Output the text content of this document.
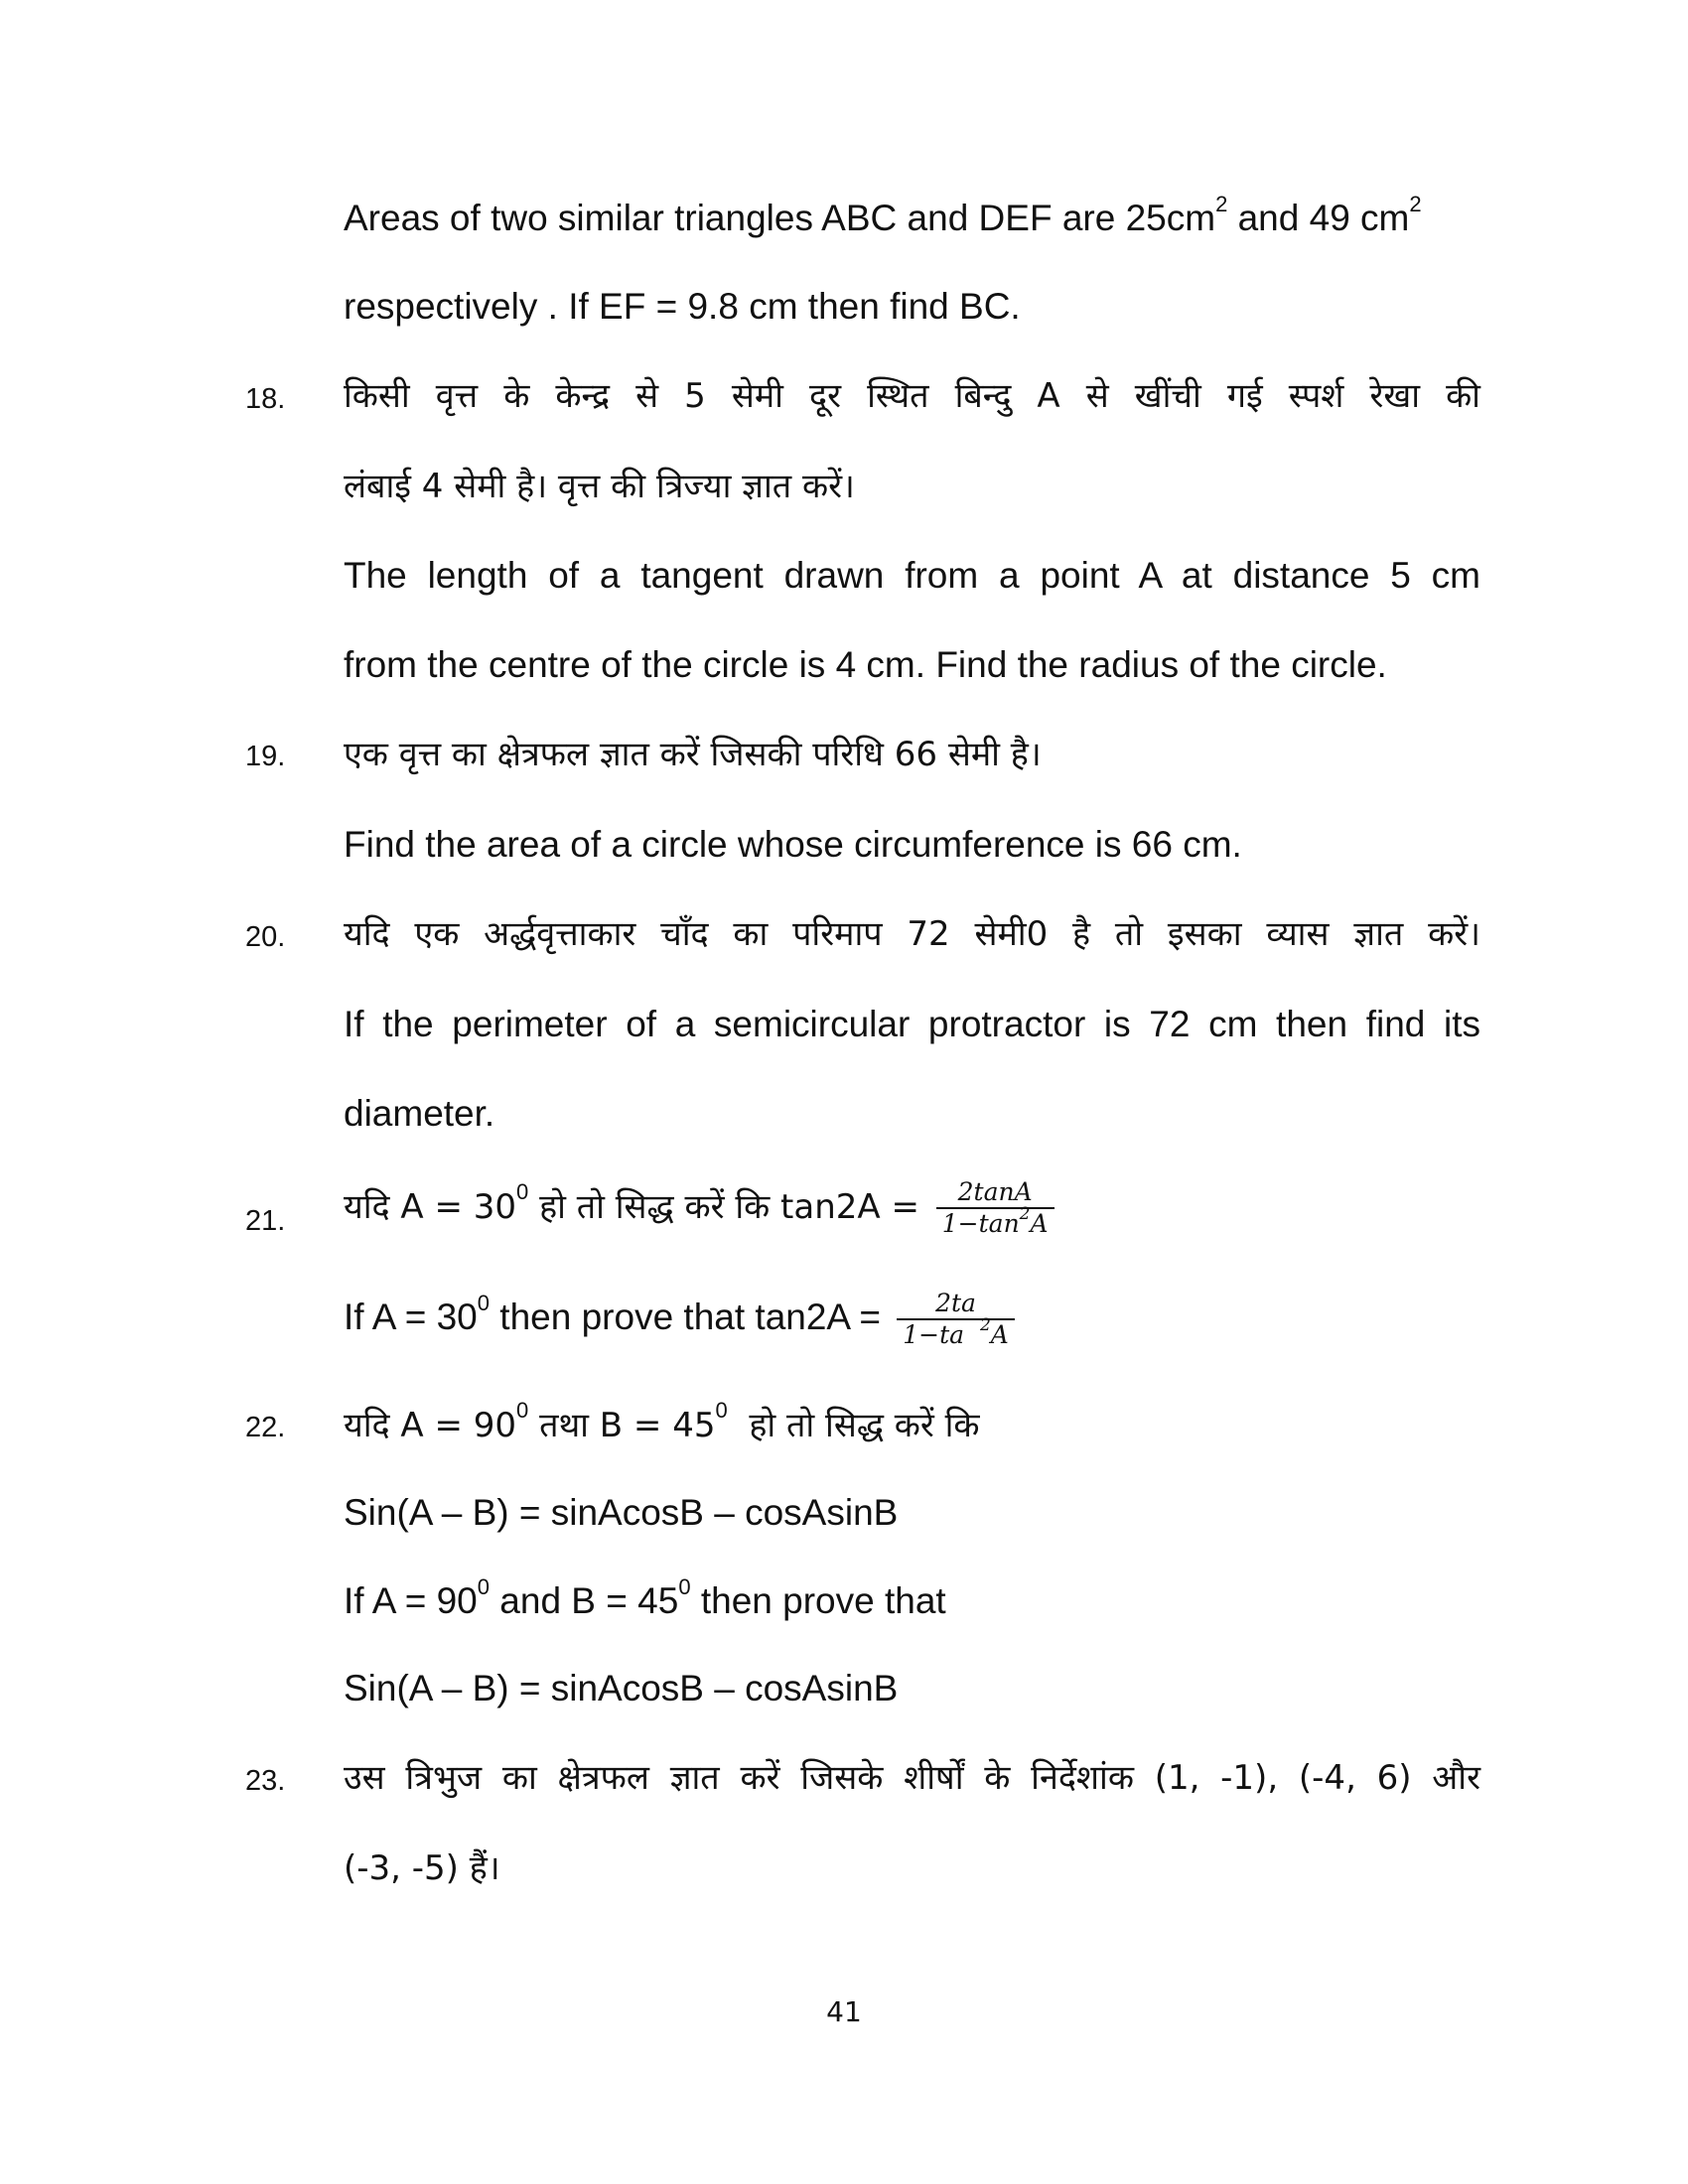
Areas of two similar triangles ABC and DEF are $25cm^2$ and 49 $cm^2$
respectively . If EF = 9.8 cm then find BC.
18. किसी वृत्त के केन्द्र से 5 सेमी दूर स्थित बिन्दु A से खींची गई स्पर्श रेखा की
लंबाई 4 सेमी है। वृत्त की त्रिज्या ज्ञात करें।
The length of a tangent drawn from a point A at distance 5 cm
from the centre of the circle is 4 cm. Find the radius of the circle.
19. एक वृत्त का क्षेत्रफल ज्ञात करें जिसकी परिधि 66 सेमी है।
Find the area of a circle whose circumference is 66 cm.
20. यदि एक अर्द्धवृत्ताकार चाँद का परिमाप 72 सेमी0 है तो इसका व्यास ज्ञात करें।
If the perimeter of a semicircular protractor is 72 cm then find its
diameter.
21. यदि $A = 30^0$ हो तो सिद्ध करें कि $\tan 2A = \frac{2\tan A}{1-\tan^2A}$
If $A = 30^0$ then prove that $\tan 2A = \frac{2ta}{1-ta ^2A}$
22. यदि $A = 90^0$ तथा $B = 45^0$  हो तो सिद्ध करें कि
Sin(A – B) = sinAcosB – cosAsinB
If $A = 90^0$ and $B = 45^0$ then prove that
Sin(A – B) = sinAcosB – cosAsinB
23. उस त्रिभुज का क्षेत्रफल ज्ञात करें जिसके शीर्षों के निर्देशांक (1, -1), (-4, 6) और
(-3, -5) हैं।
41
